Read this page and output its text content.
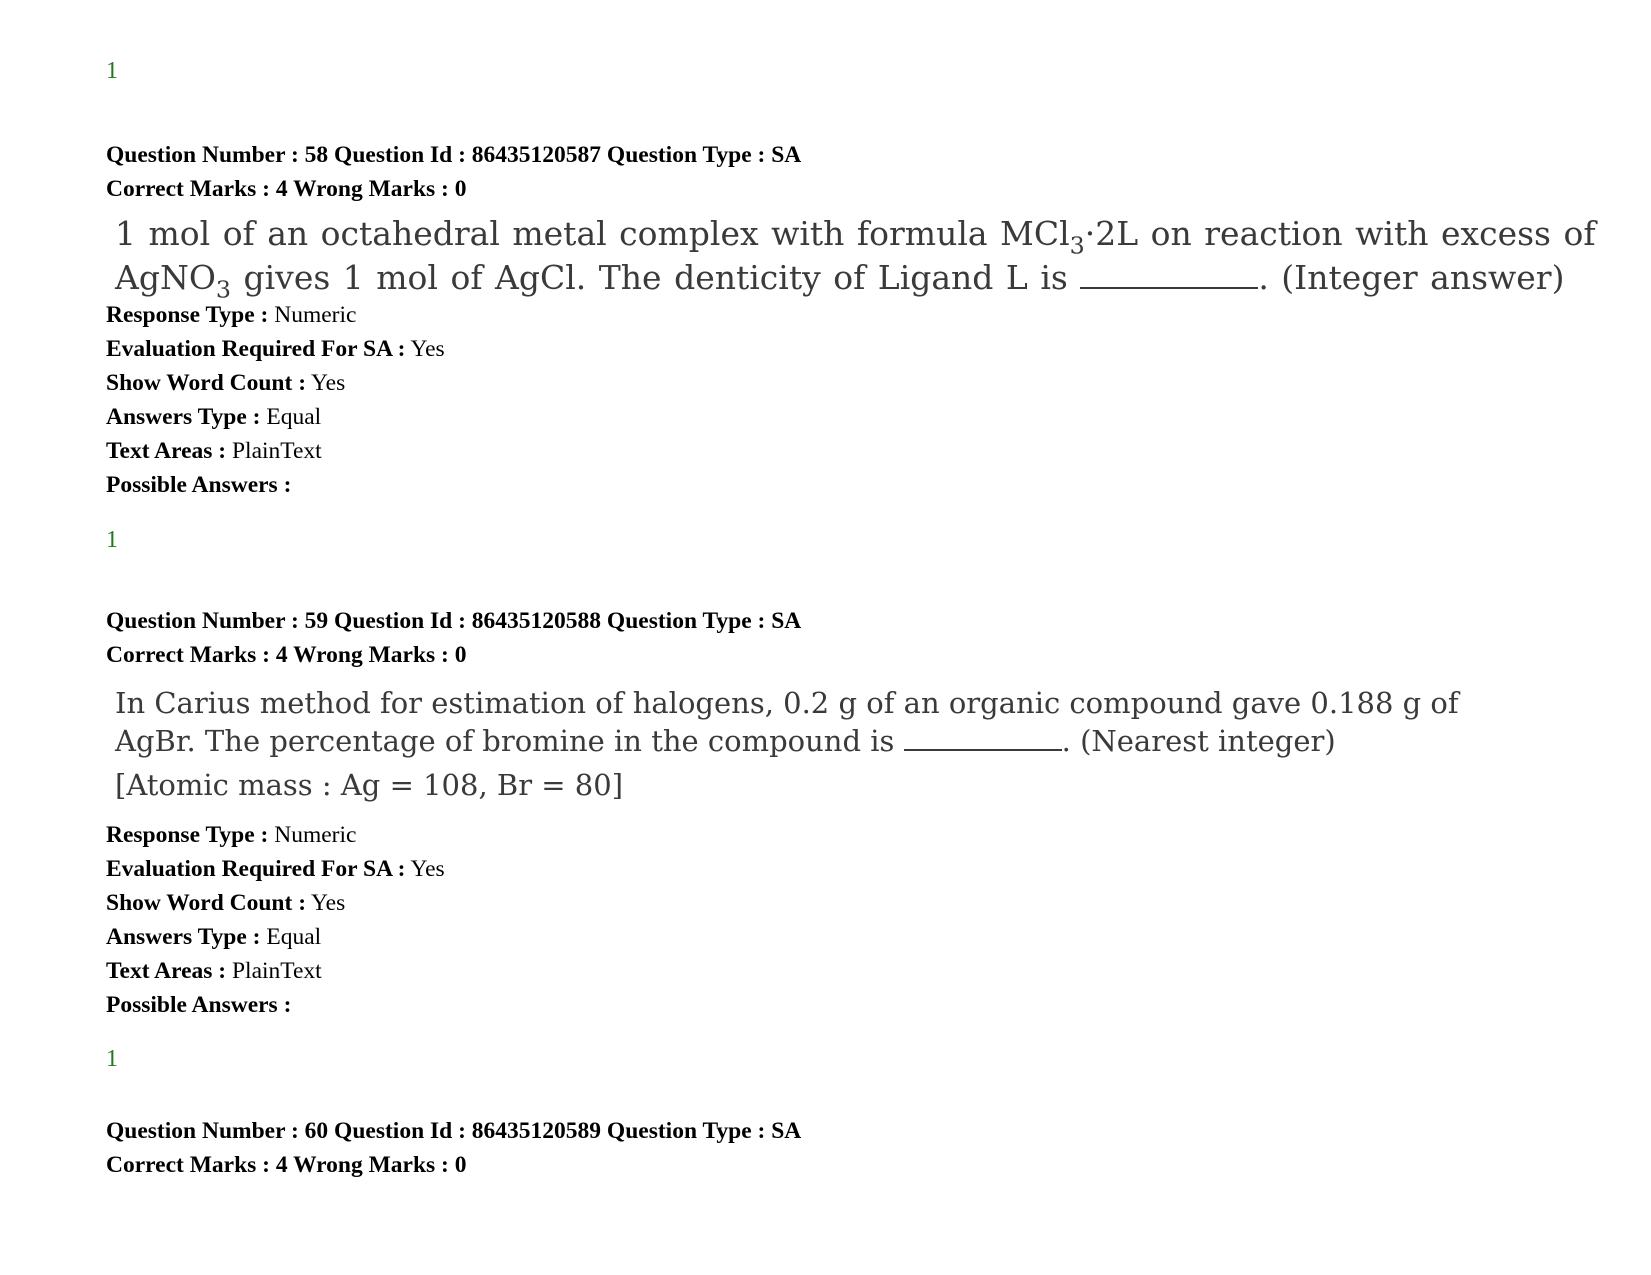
1
Question Number : 58 Question Id : 86435120587 Question Type : SA
Correct Marks : 4 Wrong Marks : 0
1 mol of an octahedral metal complex with formula MCl$_3$·2L on reaction with excess of
AgNO$_3$ gives 1 mol of AgCl. The denticity of Ligand L is	. (Integer answer)
Response Type : Numeric
Evaluation Required For SA : Yes
Show Word Count : Yes
Answers Type : Equal
Text Areas : PlainText
Possible Answers :
1
Question Number : 59 Question Id : 86435120588 Question Type : SA
Correct Marks : 4 Wrong Marks : 0
In Carius method for estimation of halogens, 0.2 g of an organic compound gave 0.188 g of
AgBr. The percentage of bromine in the compound is	. (Nearest integer)
[Atomic mass : Ag = 108, Br = 80]
Response Type : Numeric
Evaluation Required For SA : Yes
Show Word Count : Yes
Answers Type : Equal
Text Areas : PlainText
Possible Answers :
1
Question Number : 60 Question Id : 86435120589 Question Type : SA
Correct Marks : 4 Wrong Marks : 0
